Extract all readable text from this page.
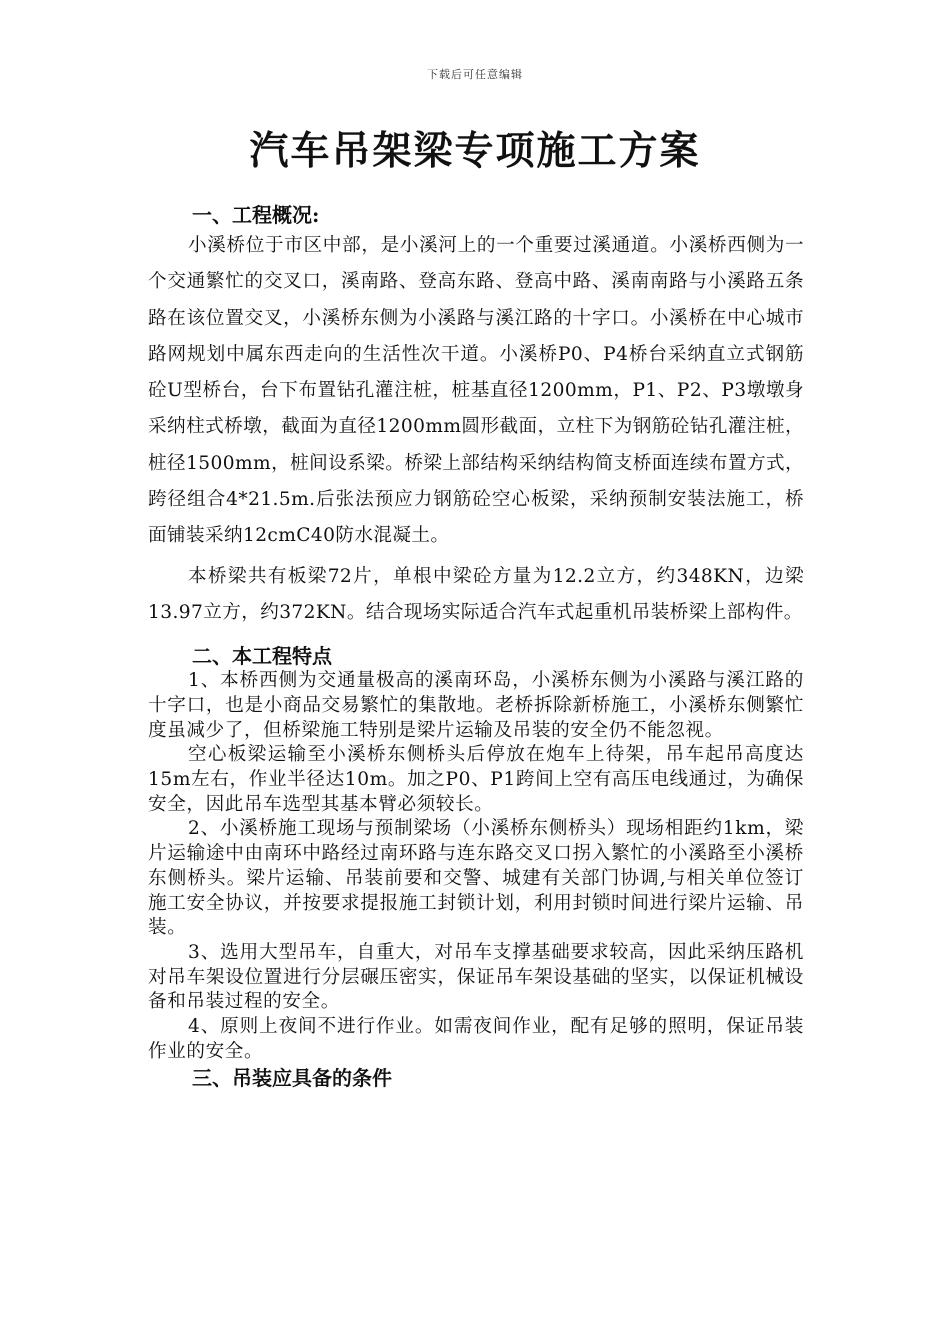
下载后可任意编辑
汽车吊架梁专项施工方案
一、工程概况:

小溪桥位于市区中部，是小溪河上的一个重要过溪通道。小溪桥西侧为一个交通繁忙的交叉口，溪南路、登高东路、登高中路、溪南南路与小溪路五条路在该位置交叉，小溪桥东侧为小溪路与溪江路的十字口。小溪桥在中心城市路网规划中属东西走向的生活性次干道。小溪桥P0、P4桥台采纳直立式钢筋砼U型桥台，台下布置钻孔灌注桩，桩基直径1200mm，P1、P2、P3墩墩身采纳柱式桥墩，截面为直径1200mm圆形截面，立柱下为钢筋砼钻孔灌注桩，桩径1500mm，桩间设系梁。桥梁上部结构采纳结构简支桥面连续布置方式，跨径组合4*21.5m.后张法预应力钢筋砼空心板梁，采纳预制安装法施工，桥面铺装采纳12cmC40防水混凝土。

本桥梁共有板梁72片，单根中梁砼方量为12.2立方，约348KN，边梁13.97立方，约372KN。结合现场实际适合汽车式起重机吊装桥梁上部构件。

二、本工程特点

1、本桥西侧为交通量极高的溪南环岛，小溪桥东侧为小溪路与溪江路的十字口，也是小商品交易繁忙的集散地。老桥拆除新桥施工，小溪桥东侧繁忙度虽减少了，但桥梁施工特别是梁片运输及吊装的安全仍不能忽视。

空心板梁运输至小溪桥东侧桥头后停放在炮车上待架，吊车起吊高度达15m左右，作业半径达10m。加之P0、P1跨间上空有高压电线通过，为确保安全，因此吊车选型其基本臂必须较长。

2、小溪桥施工现场与预制梁场（小溪桥东侧桥头）现场相距约1km，梁片运输途中由南环中路经过南环路与连东路交叉口拐入繁忙的小溪路至小溪桥东侧桥头。梁片运输、吊装前要和交警、城建有关部门协调,与相关单位签订施工安全协议，并按要求提报施工封锁计划，利用封锁时间进行梁片运输、吊装。

3、选用大型吊车，自重大，对吊车支撑基础要求较高，因此采纳压路机对吊车架设位置进行分层碾压密实，保证吊车架设基础的坚实，以保证机械设备和吊装过程的安全。

4、原则上夜间不进行作业。如需夜间作业，配有足够的照明，保证吊装作业的安全。

三、吊装应具备的条件
